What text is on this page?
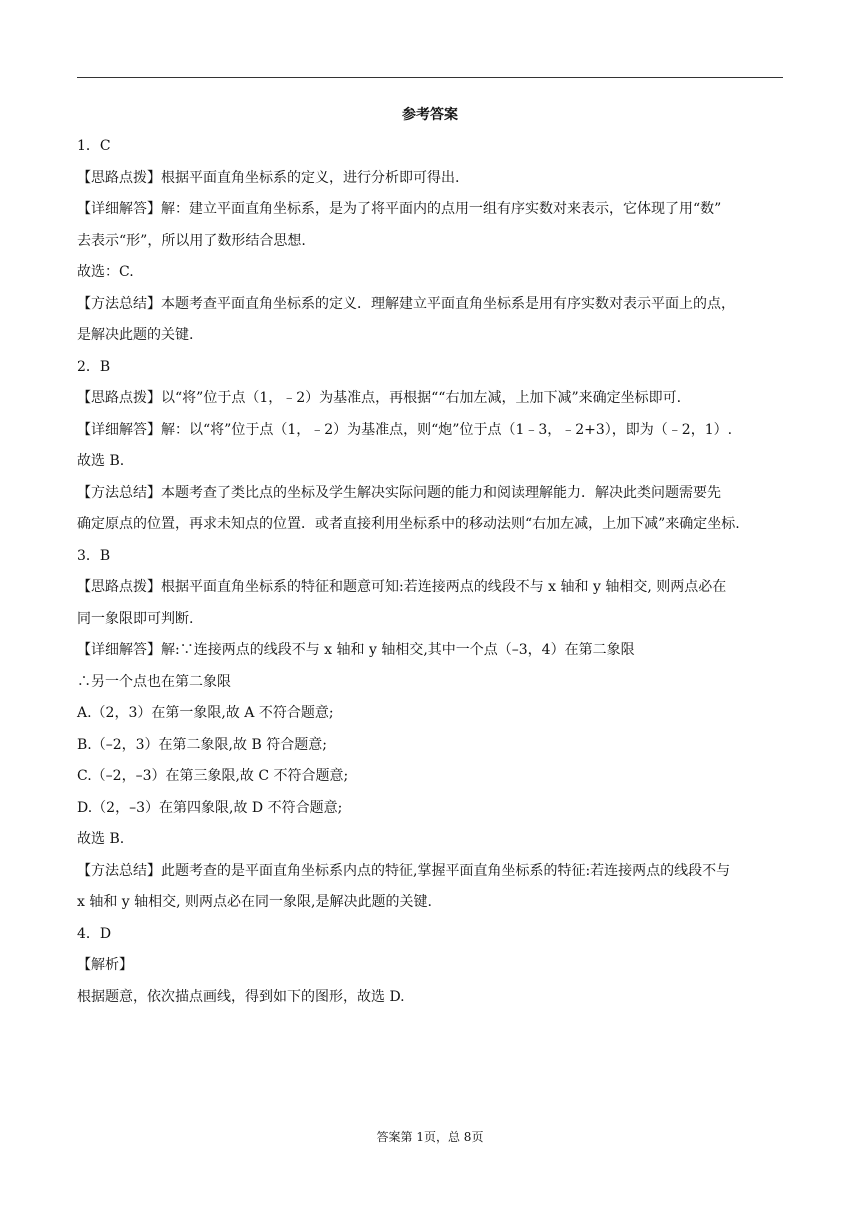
参考答案
1．C
【思路点拨】根据平面直角坐标系的定义，进行分析即可得出.
【详细解答】解：建立平面直角坐标系，是为了将平面内的点用一组有序实数对来表示，它体现了用“数”
去表示“形”，所以用了数形结合思想.
故选：C.
【方法总结】本题考查平面直角坐标系的定义．理解建立平面直角坐标系是用有序实数对表示平面上的点，
是解决此题的关键.
2．B
【思路点拨】以“将”位于点（1，﹣2）为基准点，再根据““右加左减，上加下减”来确定坐标即可.
【详细解答】解：以“将”位于点（1，﹣2）为基准点，则“炮”位于点（1﹣3，﹣2+3），即为（﹣2，1）.
故选 B.
【方法总结】本题考查了类比点的坐标及学生解决实际问题的能力和阅读理解能力．解决此类问题需要先
确定原点的位置，再求未知点的位置．或者直接利用坐标系中的移动法则“右加左减，上加下减”来确定坐标.
3．B
【思路点拨】根据平面直角坐标系的特征和题意可知:若连接两点的线段不与 x 轴和 y 轴相交, 则两点必在
同一象限即可判断.
【详细解答】解:∵连接两点的线段不与 x 轴和 y 轴相交,其中一个点（–3，4）在第二象限
∴另一个点也在第二象限
A.（2，3）在第一象限,故 A 不符合题意;
B.（–2，3）在第二象限,故 B 符合题意;
C.（–2，–3）在第三象限,故 C 不符合题意;
D.（2，–3）在第四象限,故 D 不符合题意;
故选 B.
【方法总结】此题考查的是平面直角坐标系内点的特征,掌握平面直角坐标系的特征:若连接两点的线段不与
x 轴和 y 轴相交, 则两点必在同一象限,是解决此题的关键.
4．D
【解析】
根据题意，依次描点画线，得到如下的图形，故选 D.
答案第 1页，总 8页
